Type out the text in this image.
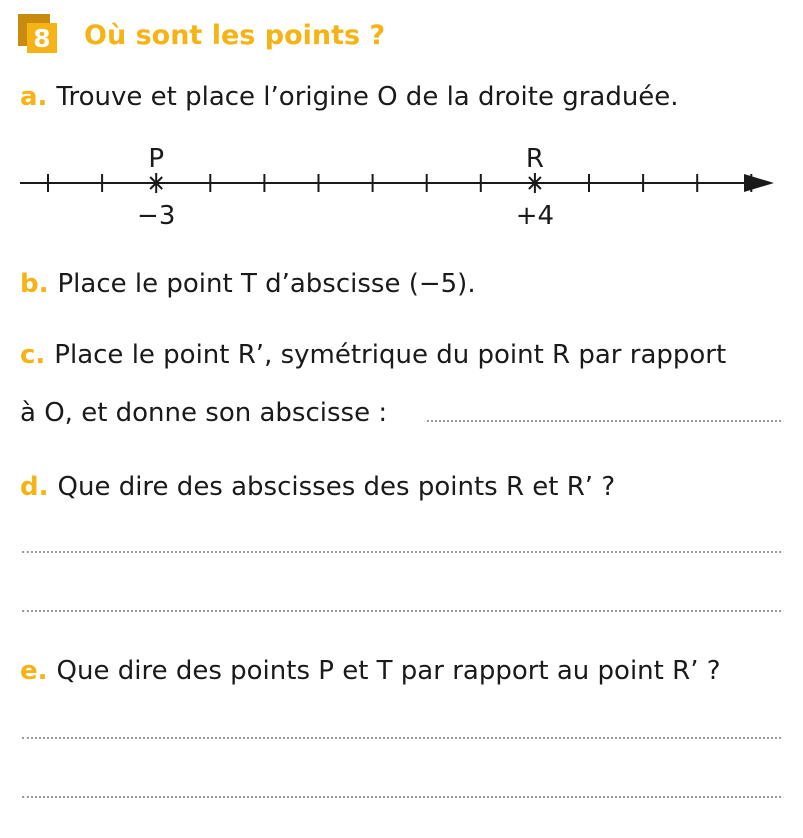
8 Où sont les points ?
a. Trouve et place l’origine O de la droite graduée.
P
−3
R
+4
b. Place le point T d’abscisse (−5).
c. Place le point R’, symétrique du point R par rapport
à O, et donne son abscisse :
d. Que dire des abscisses des points R et R’ ?
e. Que dire des points P et T par rapport au point R’ ?
